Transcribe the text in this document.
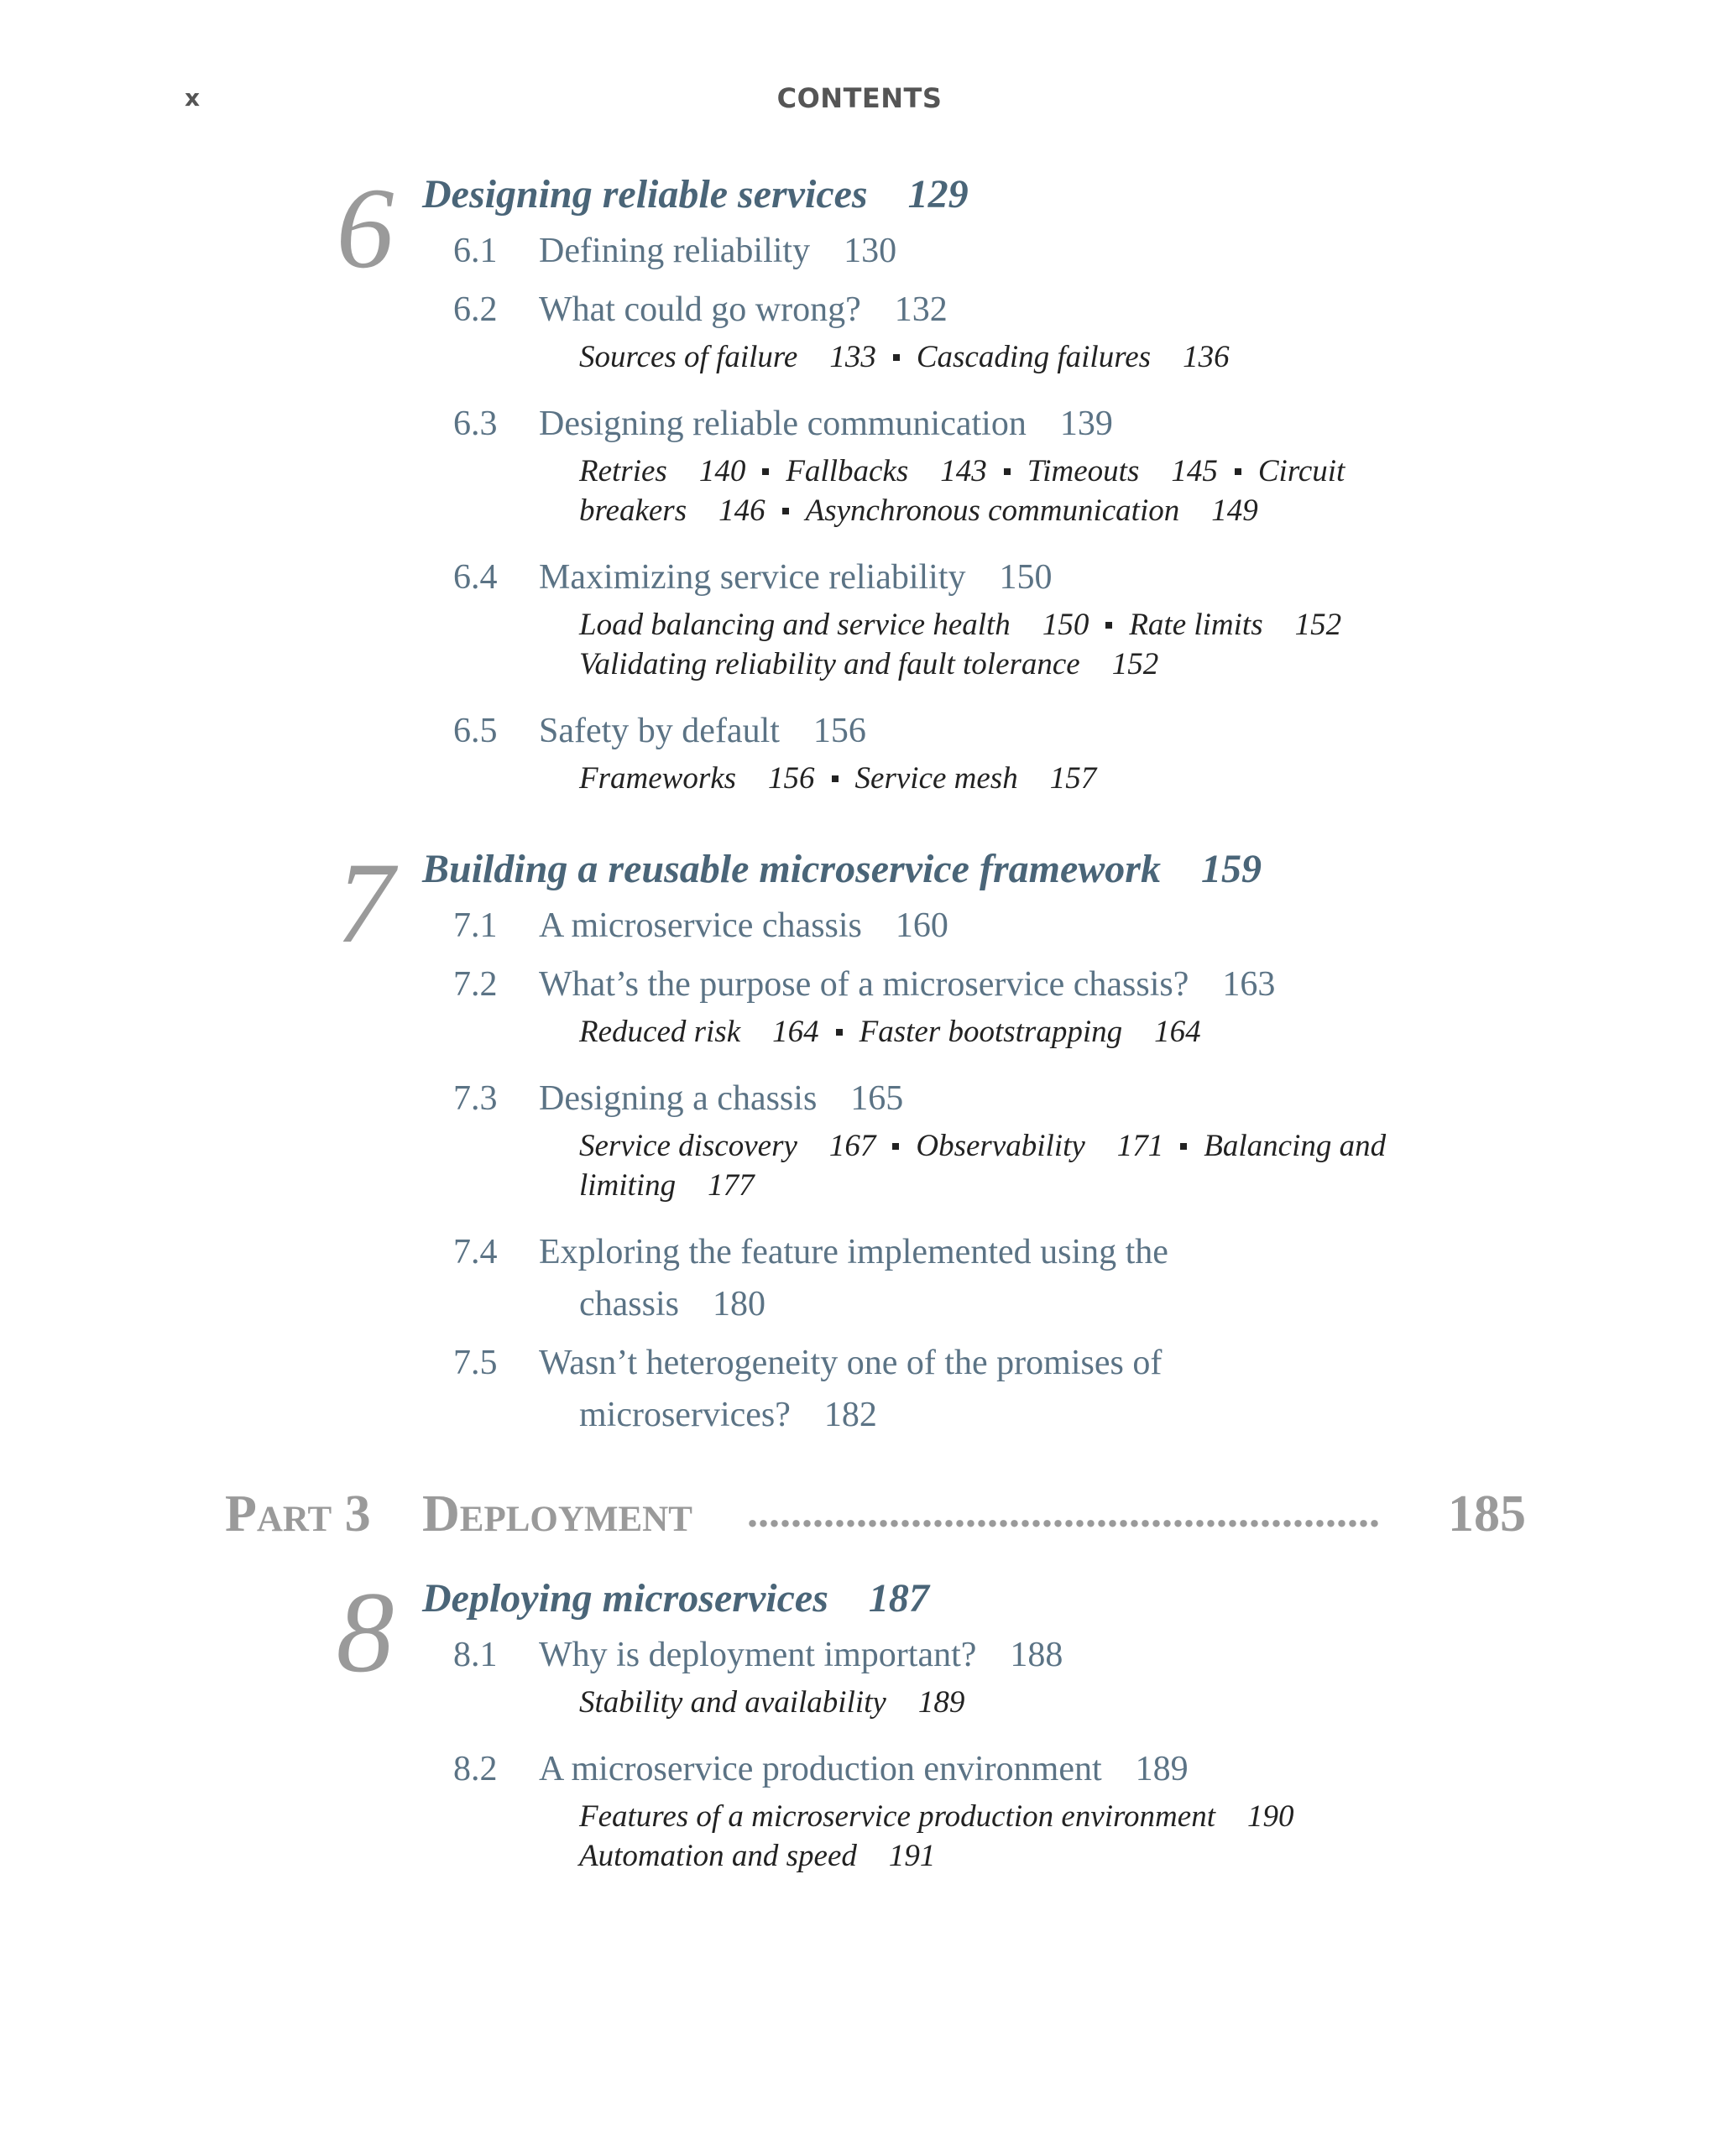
x	CONTENTS
6 Designing reliable services 129
6.1 Defining reliability 130
6.2 What could go wrong? 132
Sources of failure 133 Cascading failures 136
6.3 Designing reliable communication 139
Retries 140 Fallbacks 143 Timeouts 145 Circuit
breakers 146 Asynchronous communication 149
6.4 Maximizing service reliability 150
Load balancing and service health 150 Rate limits 152
Validating reliability and fault tolerance 152
6.5 Safety by default 156
Frameworks 156 Service mesh 157
7 Building a reusable microservice framework 159
7.1 A microservice chassis 160
7.2 What’s the purpose of a microservice chassis? 163
Reduced risk 164 Faster bootstrapping 164
7.3 Designing a chassis 165
Service discovery 167 Observability 171 Balancing and
limiting 177
7.4 Exploring the feature implemented using the
chassis 180
7.5 Wasn’t heterogeneity one of the promises of
microservices? 182
Part 3 Deployment ..........................................................	185
8 Deploying microservices 187
8.1 Why is deployment important? 188
Stability and availability 189
8.2 A microservice production environment 189
Features of a microservice production environment 190
Automation and speed 191
